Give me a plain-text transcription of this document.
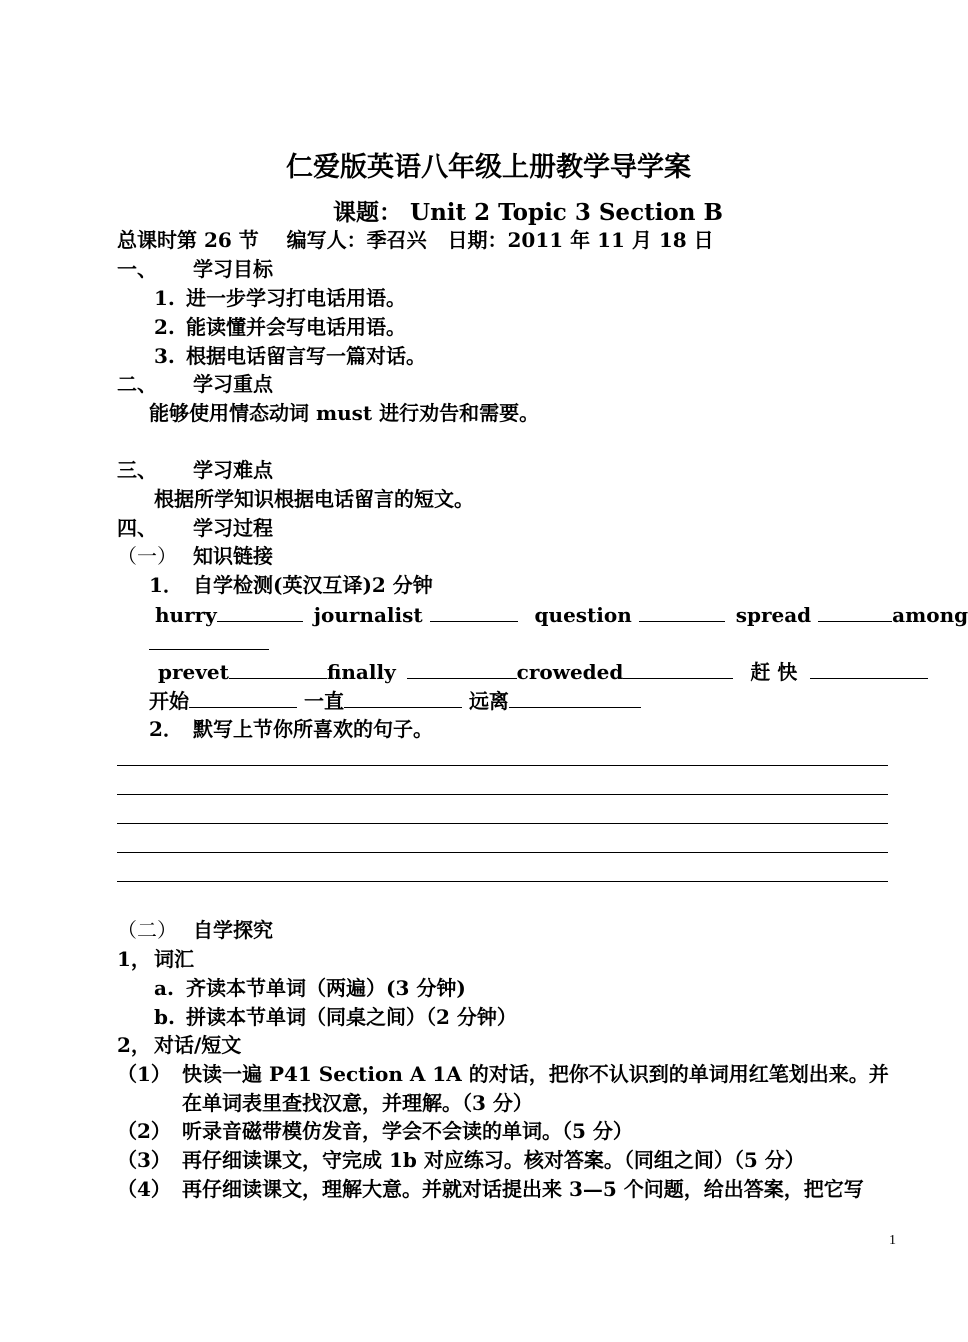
仁爱版英语八年级上册教学导学案
课题： Unit 2 Topic 3 Section B
总课时第 26 节    编写人：季召兴   日期：2011 年 11 月 18 日
一、 学习目标
1. 进一步学习打电话用语。
2. 能读懂并会写电话用语。
3. 根据电话留言写一篇对话。
二、 学习重点
能够使用情态动词 must 进行劝告和需要。
三、 学习难点
根据所学知识根据电话留言的短文。
四、 学习过程
（一） 知识链接
1． 自学检测(英汉互译)2 分钟
hurry	journalist	question	spread	among
prevet	finally	croweded	赶 快
开始	一直	远离
2． 默写上节你所喜欢的句子。
（二） 自学探究
1， 词汇
a. 齐读本节单词（两遍）(3 分钟)
b. 拼读本节单词（同桌之间）（2 分钟）
2， 对话/短文
（1） 快读一遍 P41 Section A 1A 的对话，把你不认识到的单词用红笔划出来。并
在单词表里查找汉意，并理解。（3 分）
（2） 听录音磁带模仿发音，学会不会读的单词。（5 分）
（3） 再仔细读课文，守完成 1b 对应练习。核对答案。（同组之间）（5 分）
（4） 再仔细读课文，理解大意。并就对话提出来 3—5 个问题，给出答案，把它写
1
